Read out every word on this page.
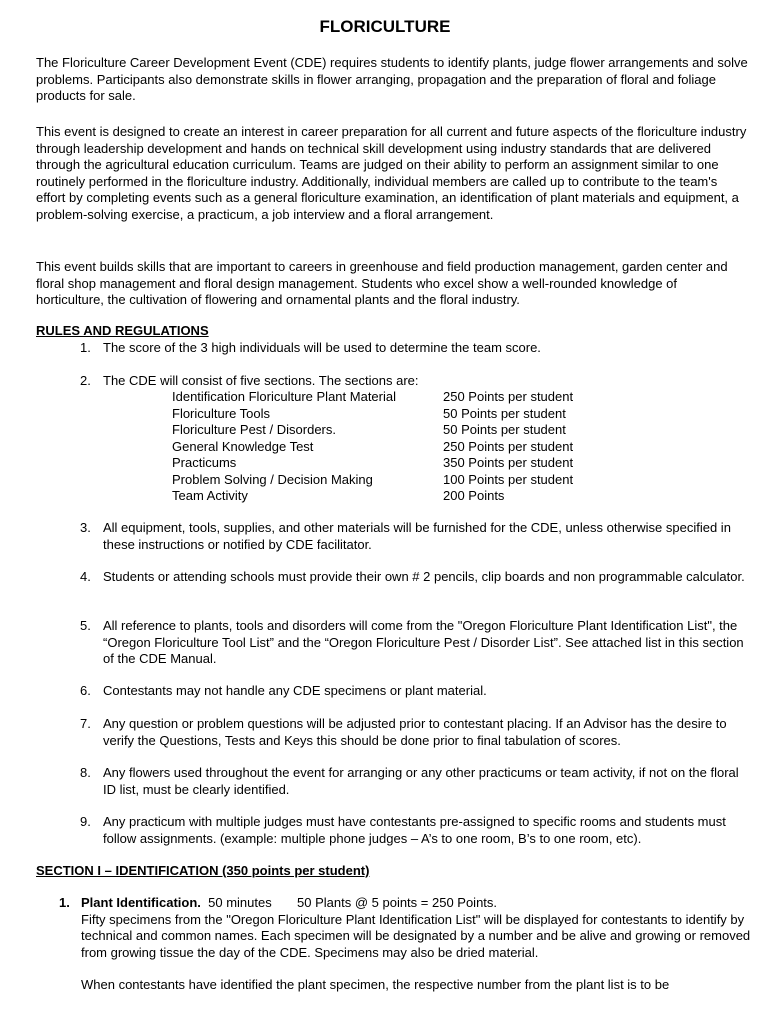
FLORICULTURE

The Floriculture Career Development Event (CDE) requires students to identify plants, judge flower arrangements and solve problems. Participants also demonstrate skills in flower arranging, propagation and the preparation of floral and foliage products for sale.

This event is designed to create an interest in career preparation for all current and future aspects of the floriculture industry through leadership development and hands on technical skill development using industry standards that are delivered through the agricultural education curriculum. Teams are judged on their ability to perform an assignment similar to one routinely performed in the floriculture industry. Additionally, individual members are called up to contribute to the team's effort by completing events such as a general floriculture examination, an identification of plant materials and equipment, a problem-solving exercise, a practicum, a job interview and a floral arrangement.

This event builds skills that are important to careers in greenhouse and field production management, garden center and floral shop management and floral design management. Students who excel show a well-rounded knowledge of horticulture, the cultivation of flowering and ornamental plants and the floral industry.

RULES AND REGULATIONS
1. The score of the 3 high individuals will be used to determine the team score.
2. The CDE will consist of five sections. The sections are:
Identification Floriculture Plant Material	250 Points per student
Floriculture Tools	50 Points per student
Floriculture Pest / Disorders.	50 Points per student
General Knowledge Test	250 Points per student
Practicums	350 Points per student
Problem Solving / Decision Making	100 Points per student
Team Activity	200 Points
3. All equipment, tools, supplies, and other materials will be furnished for the CDE, unless otherwise specified in these instructions or notified by CDE facilitator.
4. Students or attending schools must provide their own # 2 pencils, clip boards and non programmable calculator.
5. All reference to plants, tools and disorders will come from the "Oregon Floriculture Plant Identification List", the “Oregon Floriculture Tool List” and the “Oregon Floriculture Pest / Disorder List”. See attached list in this section of the CDE Manual.
6. Contestants may not handle any CDE specimens or plant material.
7. Any question or problem questions will be adjusted prior to contestant placing. If an Advisor has the desire to verify the Questions, Tests and Keys this should be done prior to final tabulation of scores.
8. Any flowers used throughout the event for arranging or any other practicums or team activity, if not on the floral ID list, must be clearly identified.
9. Any practicum with multiple judges must have contestants pre-assigned to specific rooms and students must follow assignments. (example: multiple phone judges – A’s to one room, B’s to one room, etc).
SECTION I – IDENTIFICATION (350 points per student)
1. Plant Identification. 50 minutes       50 Plants @ 5 points = 250 Points.
Fifty specimens from the "Oregon Floriculture Plant Identification List" will be displayed for contestants to identify by technical and common names. Each specimen will be designated by a number and be alive and growing or removed from growing tissue the day of the CDE. Specimens may also be dried material.
When contestants have identified the plant specimen, the respective number from the plant list is to be
